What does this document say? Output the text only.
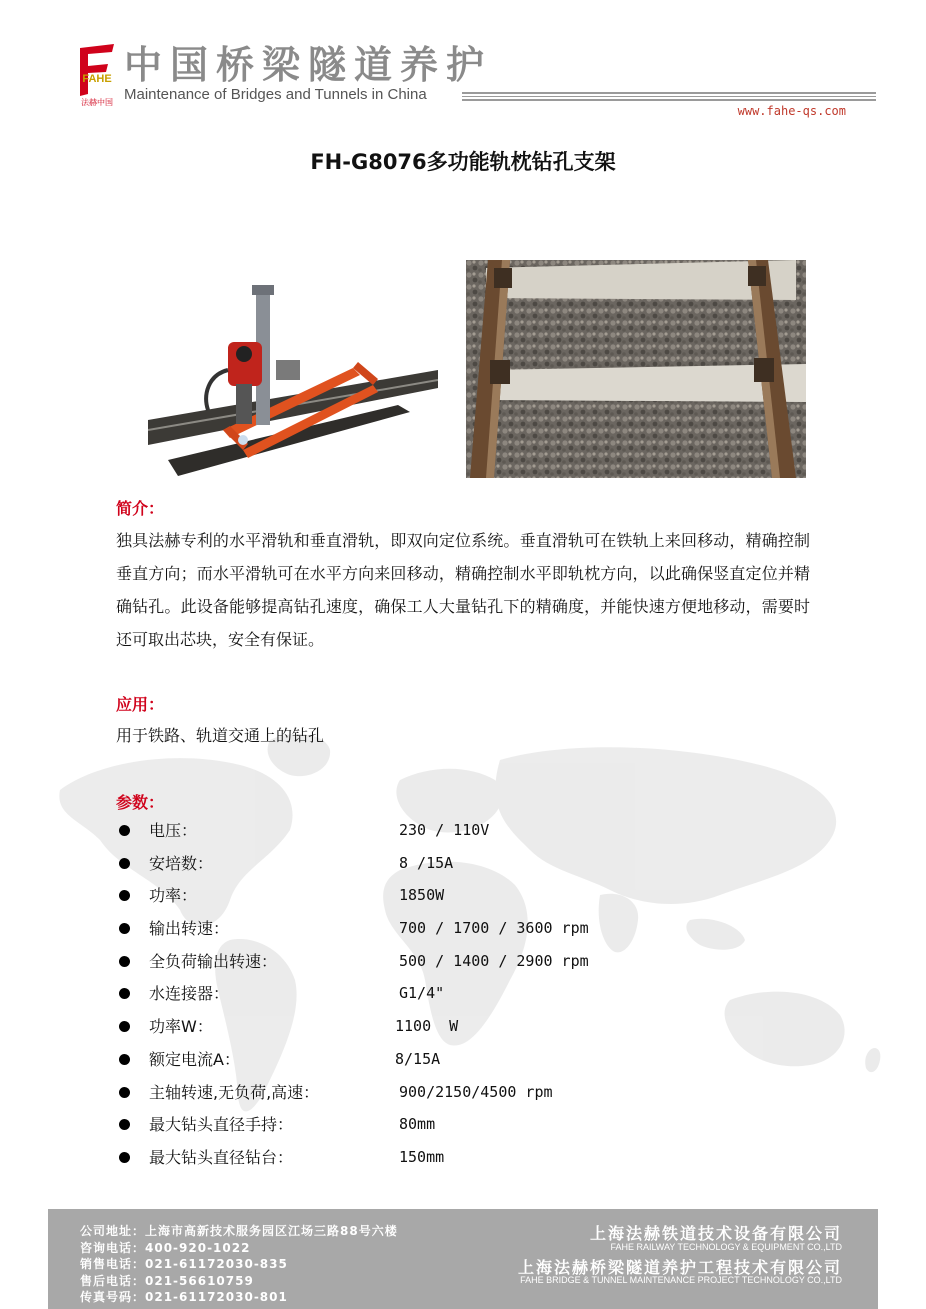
FAHE
法赫中国
中国桥梁隧道养护
Maintenance of Bridges and Tunnels in China
www.fahe-qs.com
FH-G8076多功能轨枕钻孔支架
简介：
独具法赫专利的水平滑轨和垂直滑轨，即双向定位系统。垂直滑轨可在铁轨上来回移动，精确控制垂直方向；而水平滑轨可在水平方向来回移动，精确控制水平即轨枕方向，以此确保竖直定位并精确钻孔。此设备能够提高钻孔速度，确保工人大量钻孔下的精确度，并能快速方便地移动，需要时还可取出芯块，安全有保证。
应用：
用于铁路、轨道交通上的钻孔
参数：
电压：	230 / 110V
安培数：	8 /15A
功率：	1850W
输出转速：	700 / 1700 / 3600 rpm
全负荷输出转速：	500 / 1400 / 2900 rpm
水连接器：	G1/4"
功率W：	1100  W
额定电流A：	8/15A
主轴转速,无负荷,高速：	900/2150/4500 rpm
最大钻头直径手持：	80mm
最大钻头直径钻台：	150mm
公司地址：上海市高新技术服务园区江场三路88号六楼
咨询电话：400-920-1022
销售电话：021-61172030-835
售后电话：021-56610759
传真号码：021-61172030-801
上海法赫铁道技术设备有限公司
FAHE RAILWAY TECHNOLOGY & EQUIPMENT CO.,LTD
上海法赫桥梁隧道养护工程技术有限公司
FAHE BRIDGE & TUNNEL MAINTENANCE PROJECT TECHNOLOGY CO.,LTD
